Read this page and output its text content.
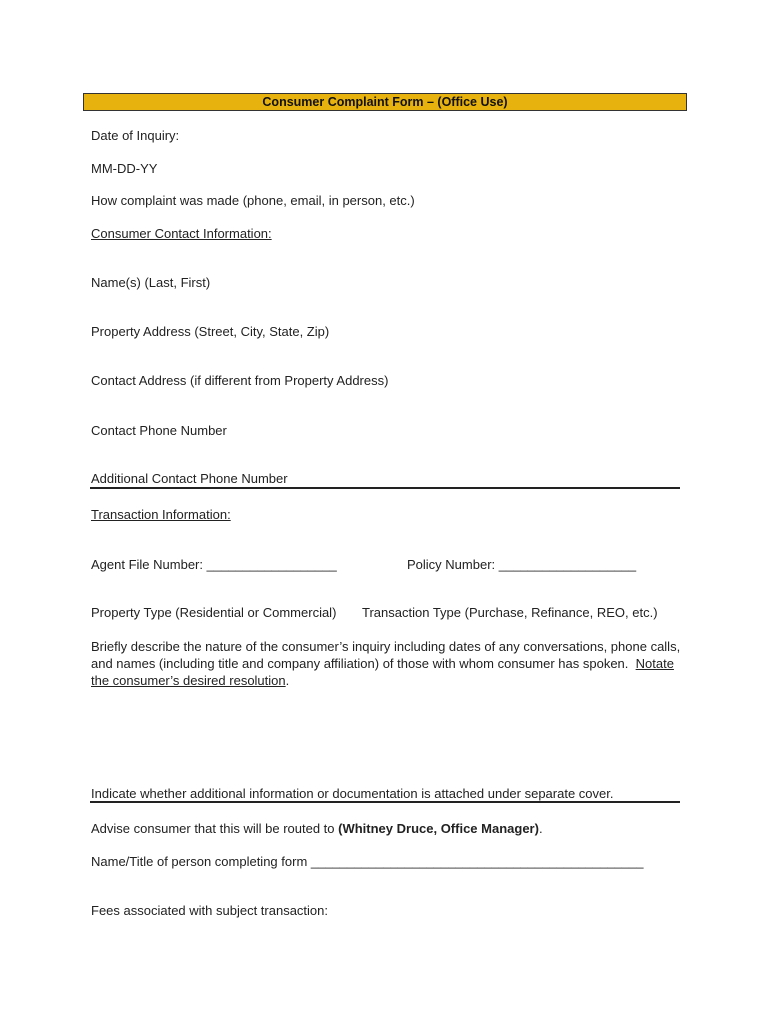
Consumer Complaint Form – (Office Use)
Date of Inquiry:
MM-DD-YY
How complaint was made (phone, email, in person, etc.)
Consumer Contact Information:
Name(s) (Last, First)
Property Address (Street, City, State, Zip)
Contact Address (if different from Property Address)
Contact Phone Number
Additional Contact Phone Number
Transaction Information:
Agent File Number: __________________	Policy Number: ___________________
Property Type (Residential or Commercial) Transaction Type (Purchase, Refinance, REO, etc.)
Briefly describe the nature of the consumer’s inquiry including dates of any conversations, phone calls, and names (including title and company affiliation) of those with whom consumer has spoken. Notate the consumer’s desired resolution.
Indicate whether additional information or documentation is attached under separate cover.
Advise consumer that this will be routed to (Whitney Druce, Office Manager).
Name/Title of person completing form ______________________________________________
Fees associated with subject transaction:
